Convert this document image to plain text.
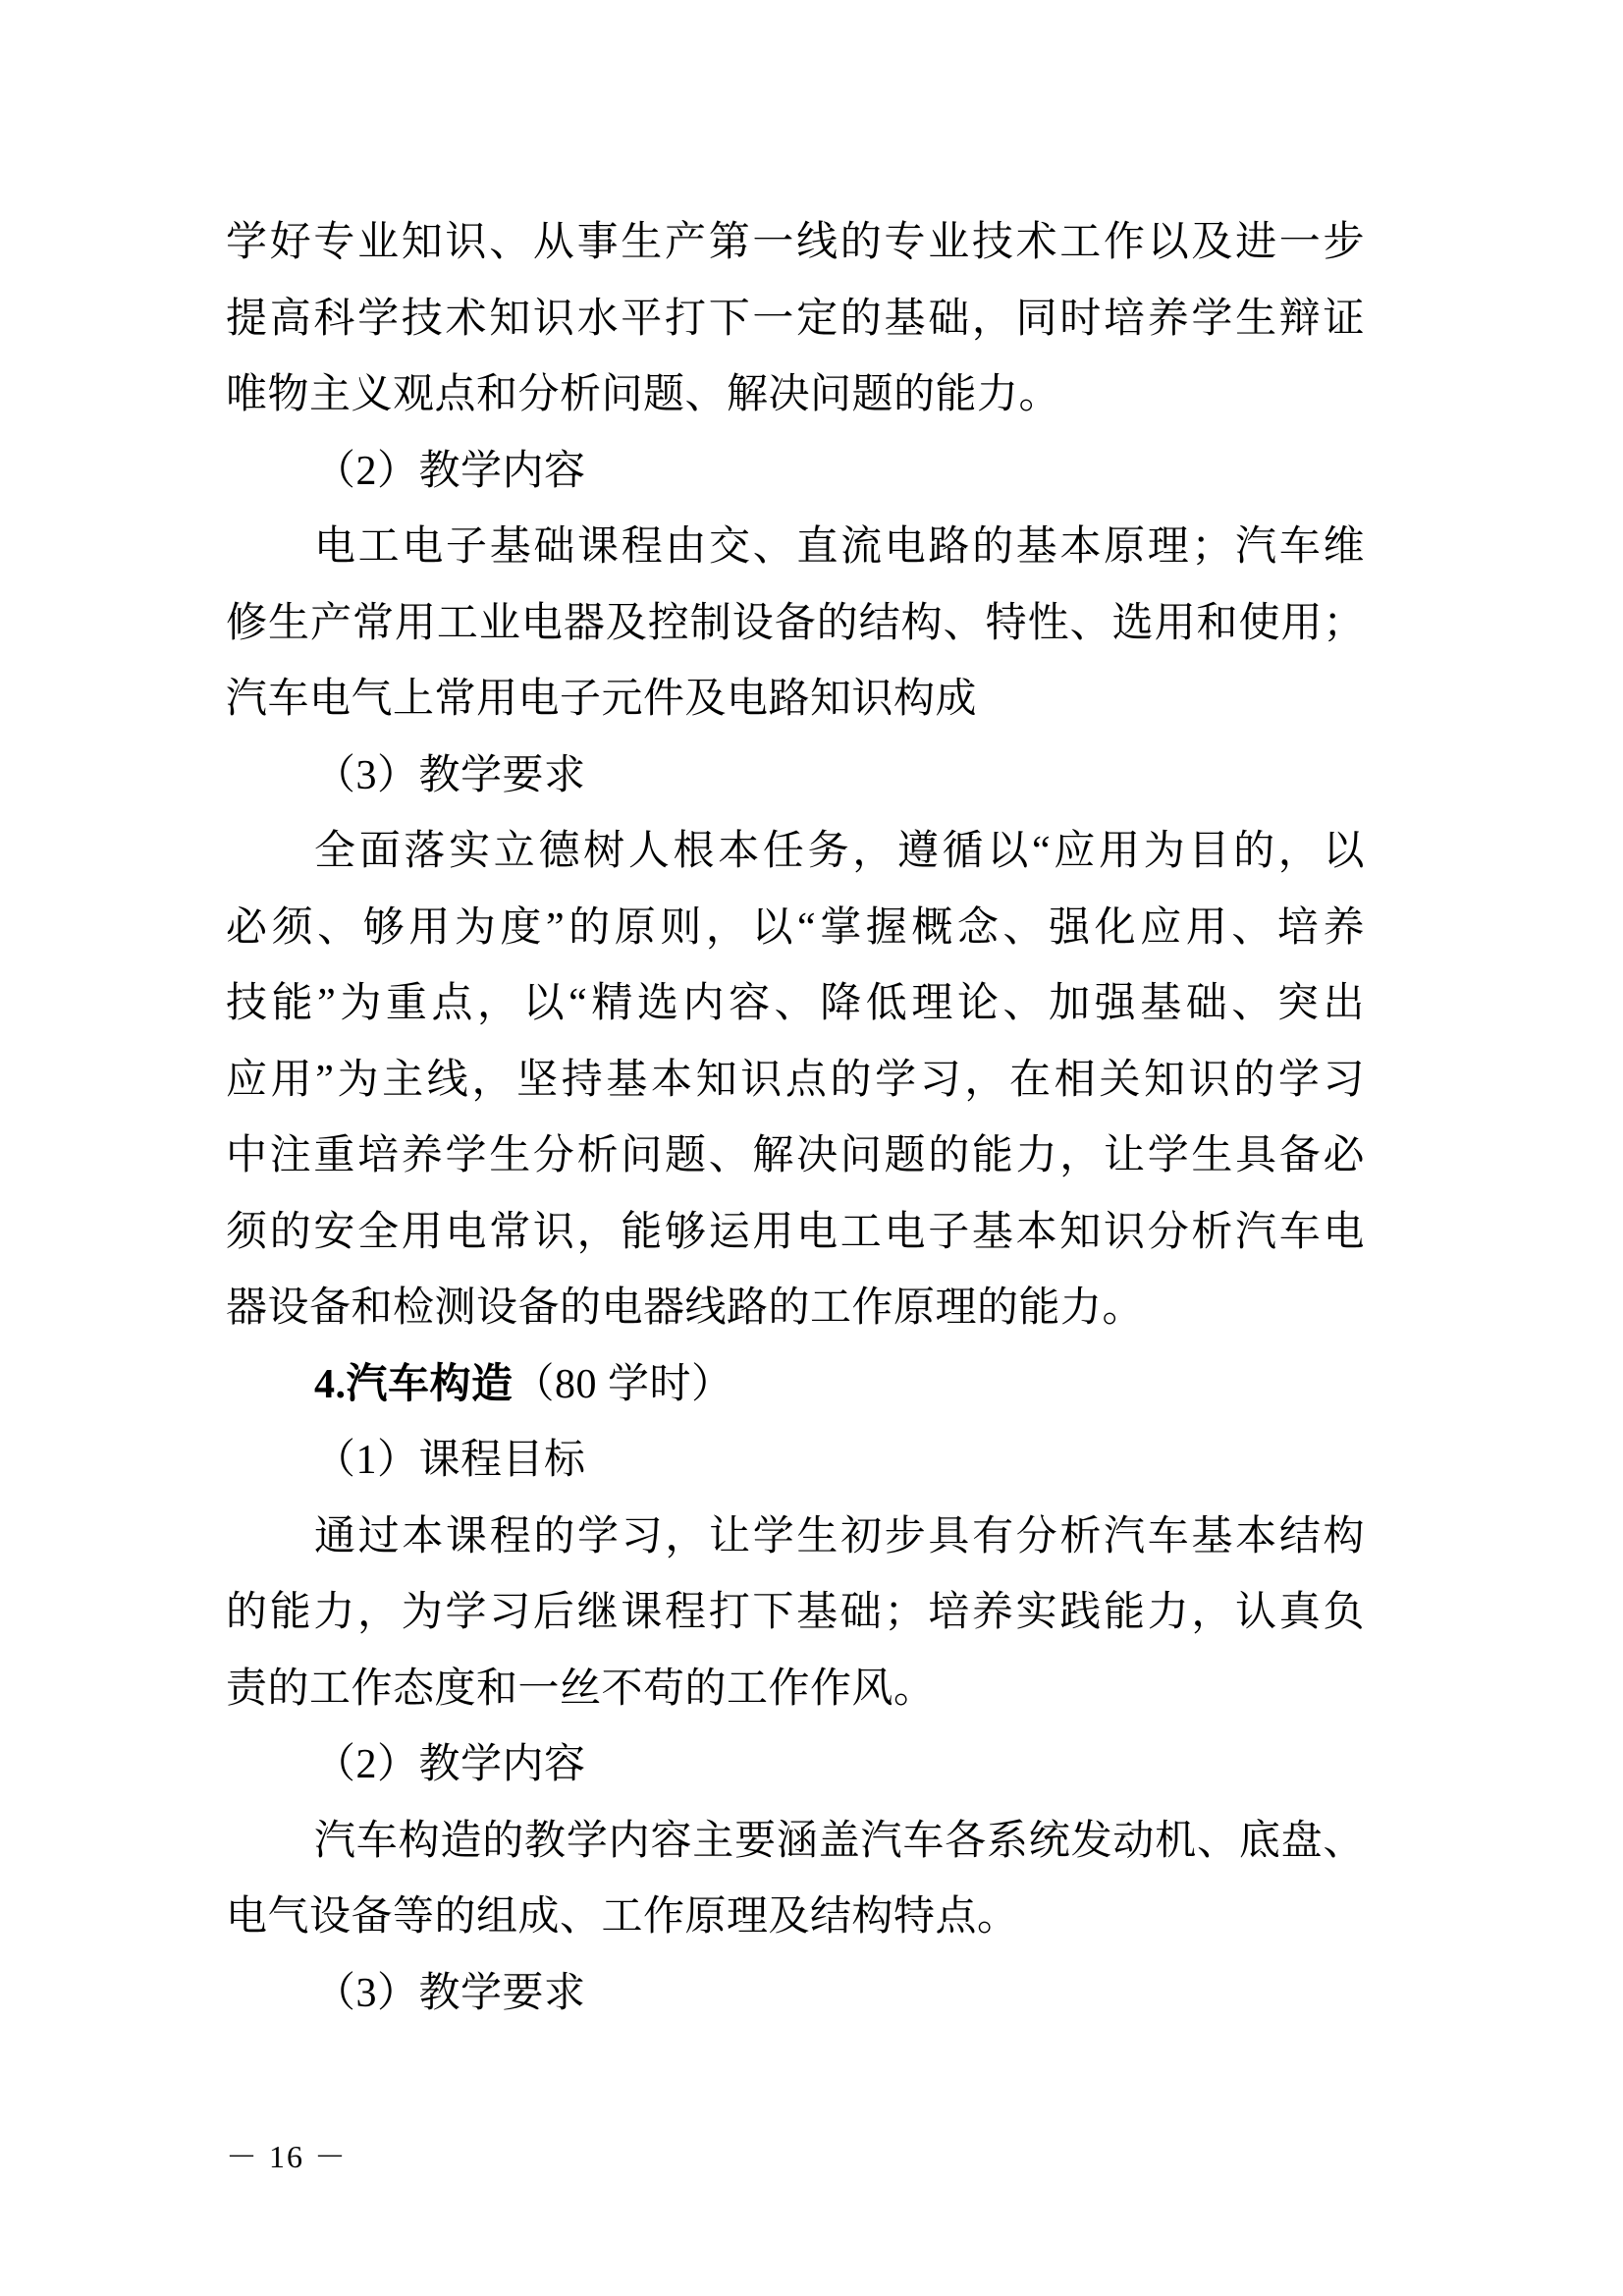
学好专业知识、从事生产第一线的专业技术工作以及进一步
提高科学技术知识水平打下一定的基础，同时培养学生辩证
唯物主义观点和分析问题、解决问题的能力。
（2）教学内容
电工电子基础课程由交、直流电路的基本原理；汽车维
修生产常用工业电器及控制设备的结构、特性、选用和使用；
汽车电气上常用电子元件及电路知识构成
（3）教学要求
全面落实立德树人根本任务，遵循以“应用为目的，以
必须、够用为度”的原则，以“掌握概念、强化应用、培养
技能”为重点，以“精选内容、降低理论、加强基础、突出
应用”为主线，坚持基本知识点的学习，在相关知识的学习
中注重培养学生分析问题、解决问题的能力，让学生具备必
须的安全用电常识，能够运用电工电子基本知识分析汽车电
器设备和检测设备的电器线路的工作原理的能力。
4.汽车构造（80 学时）
（1）课程目标
通过本课程的学习，让学生初步具有分析汽车基本结构
的能力，为学习后继课程打下基础；培养实践能力，认真负
责的工作态度和一丝不苟的工作作风。
（2）教学内容
汽车构造的教学内容主要涵盖汽车各系统发动机、底盘、
电气设备等的组成、工作原理及结构特点。
（3）教学要求
－ 16 －
